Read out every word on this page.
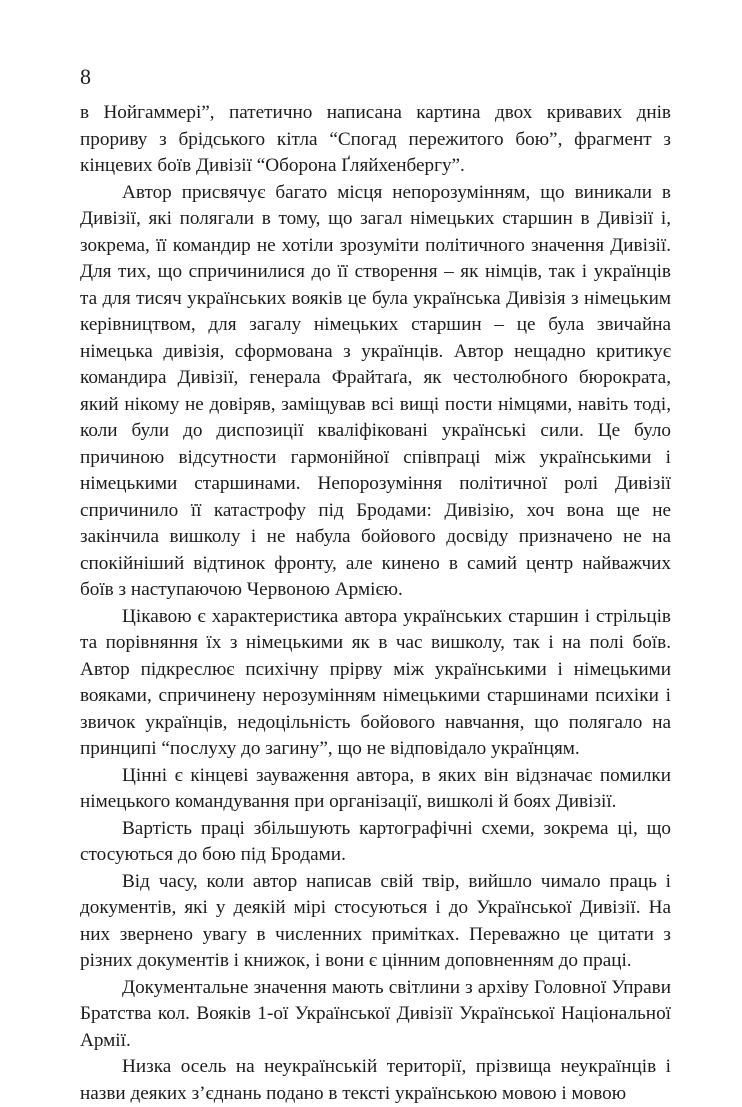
8

в Нойгаммері”, патетично написана картина двох кривавих днів прориву з брідського кітла “Спогад пережитого бою”, фрагмент з кінцевих боїв Дивізії “Оборона Ґляйхенбергу”.

Автор присвячує багато місця непорозумінням, що виникали в Дивізії, які полягали в тому, що загал німецьких старшин в Дивізії і, зокрема, її командир не хотіли зрозуміти політичного значення Дивізії. Для тих, що спричинилися до її створення – як німців, так і українців та для тисяч українських вояків це була українська Дивізія з німецьким керівництвом, для загалу німецьких старшин – це була звичайна німецька дивізія, сформована з українців. Автор нещадно критикує командира Дивізії, генерала Фрайтаґа, як честолюбного бюрократа, який нікому не довіряв, заміщував всі вищі пости німцями, навіть тоді, коли були до диспозиції кваліфіковані українські сили. Це було причиною відсутности гармонійної співпраці між українськими і німецькими старшинами. Непорозуміння політичної ролі Дивізії спричинило її катастрофу під Бродами: Дивізію, хоч вона ще не закінчила вишколу і не набула бойового досвіду призначено не на спокійніший відтинок фронту, але кинено в самий центр найважчих боїв з наступаючою Червоною Армією.

Цікавою є характеристика автора українських старшин і стрільців та порівняння їх з німецькими як в час вишколу, так і на полі боїв. Автор підкреслює психічну прірву між українськими і німецькими вояками, спричинену нерозумінням німецькими старшинами психіки і звичок українців, недоцільність бойового навчання, що полягало на принципі “послуху до загину”, що не відповідало українцям.

Цінні є кінцеві зауваження автора, в яких він відзначає помилки німецького командування при організації, вишколі й боях Дивізії.

Вартість праці збільшують картографічні схеми, зокрема ці, що стосуються до бою під Бродами.

Від часу, коли автор написав свій твір, вийшло чимало праць і документів, які у деякій мірі стосуються і до Української Дивізії. На них звернено увагу в численних примітках. Переважно це цитати з різних документів і книжок, і вони є цінним доповненням до праці.

Документальне значення мають світлини з архіву Головної Управи Братства кол. Вояків 1-ої Української Дивізії Української Національної Армії.

Низка осель на неукраїнській території, прізвища неукраїнців і назви деяких з’єднань подано в тексті українською мовою і мовою
